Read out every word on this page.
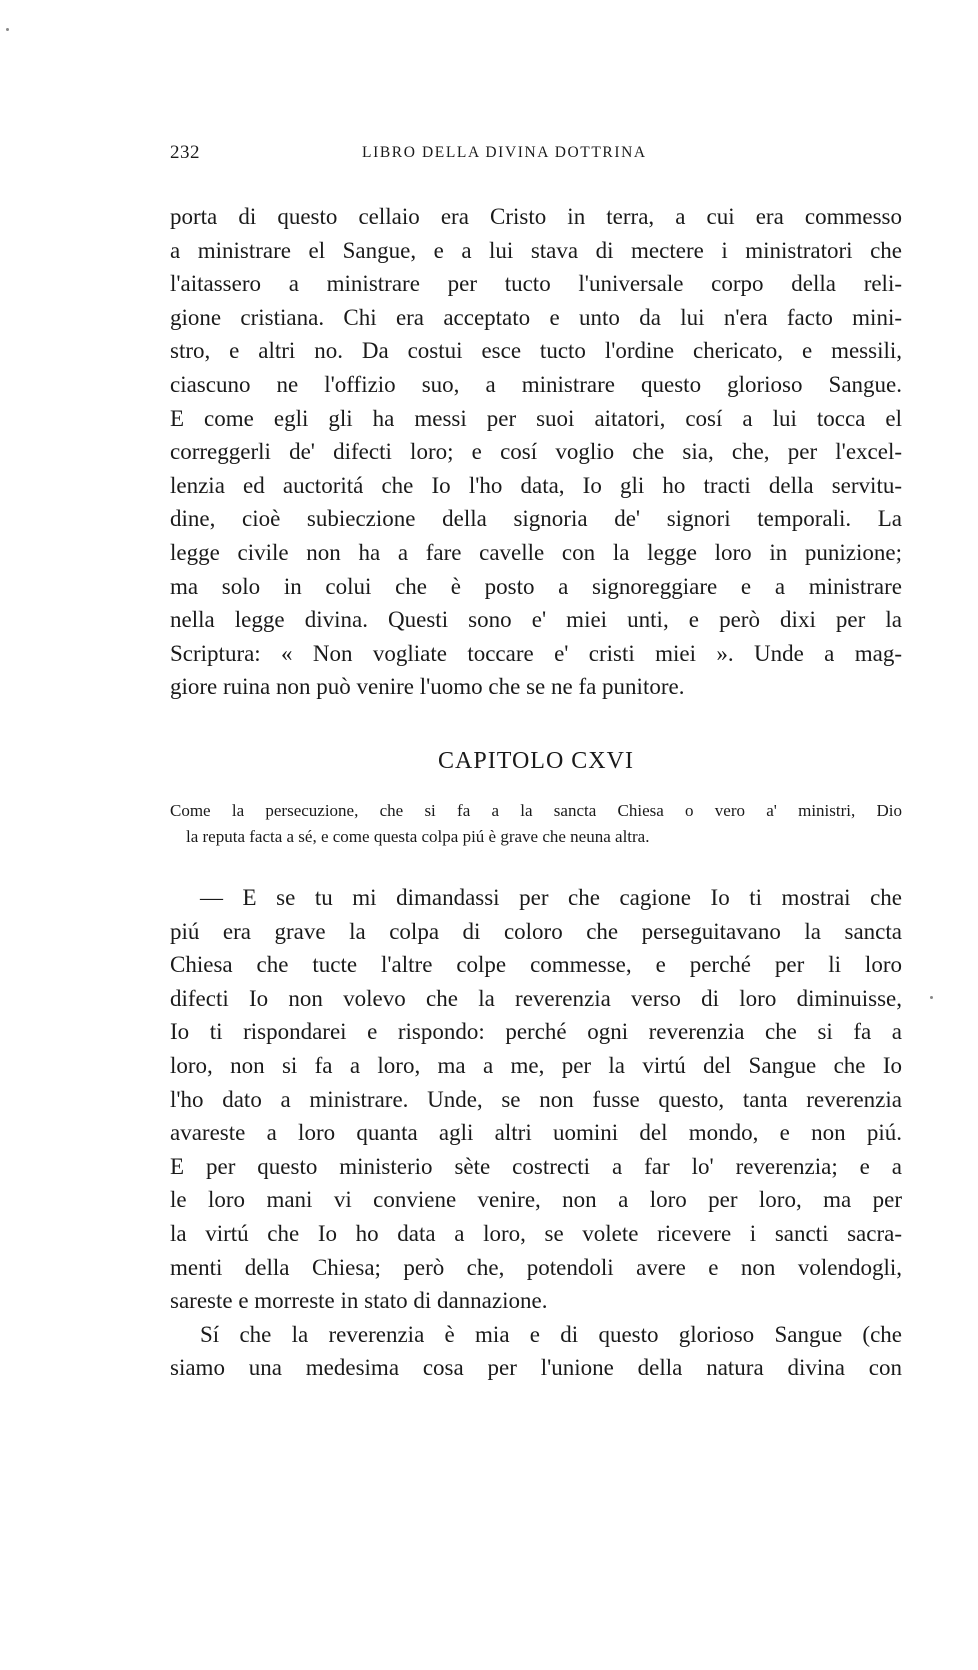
232	LIBRO DELLA DIVINA DOTTRINA
porta di questo cellaio era Cristo in terra, a cui era commesso
a ministrare el Sangue, e a lui stava di mectere i ministratori che
l'aitassero a ministrare per tucto l'universale corpo della reli-
gione cristiana. Chi era acceptato e unto da lui n'era facto mini-
stro, e altri no. Da costui esce tucto l'ordine chericato, e messili,
ciascuno ne l'offizio suo, a ministrare questo glorioso Sangue.
E come egli gli ha messi per suoi aitatori, cosí a lui tocca el
correggerli de' difecti loro; e cosí voglio che sia, che, per l'excel-
lenzia ed auctoritá che Io l'ho data, Io gli ho tracti della servitu-
dine, cioè subieczione della signoria de' signori temporali. La
legge civile non ha a fare cavelle con la legge loro in punizione;
ma solo in colui che è posto a signoreggiare e a ministrare
nella legge divina. Questi sono e' miei unti, e però dixi per la
Scriptura: « Non vogliate toccare e' cristi miei ». Unde a mag-
giore ruina non può venire l'uomo che se ne fa punitore.
CAPITOLO CXVI
Come la persecuzione, che si fa a la sancta Chiesa o vero a' ministri, Dio
la reputa facta a sé, e come questa colpa piú è grave che neuna altra.
— E se tu mi dimandassi per che cagione Io ti mostrai che
piú era grave la colpa di coloro che perseguitavano la sancta
Chiesa che tucte l'altre colpe commesse, e perché per li loro
difecti Io non volevo che la reverenzia verso di loro diminuisse,
Io ti rispondarei e rispondo: perché ogni reverenzia che si fa a
loro, non si fa a loro, ma a me, per la virtú del Sangue che Io
l'ho dato a ministrare. Unde, se non fusse questo, tanta reverenzia
avareste a loro quanta agli altri uomini del mondo, e non piú.
E per questo ministerio sète costrecti a far lo' reverenzia; e a
le loro mani vi conviene venire, non a loro per loro, ma per
la virtú che Io ho data a loro, se volete ricevere i sancti sacra-
menti della Chiesa; però che, potendoli avere e non volendogli,
sareste e morreste in stato di dannazione.
Sí che la reverenzia è mia e di questo glorioso Sangue (che
siamo una medesima cosa per l'unione della natura divina con
